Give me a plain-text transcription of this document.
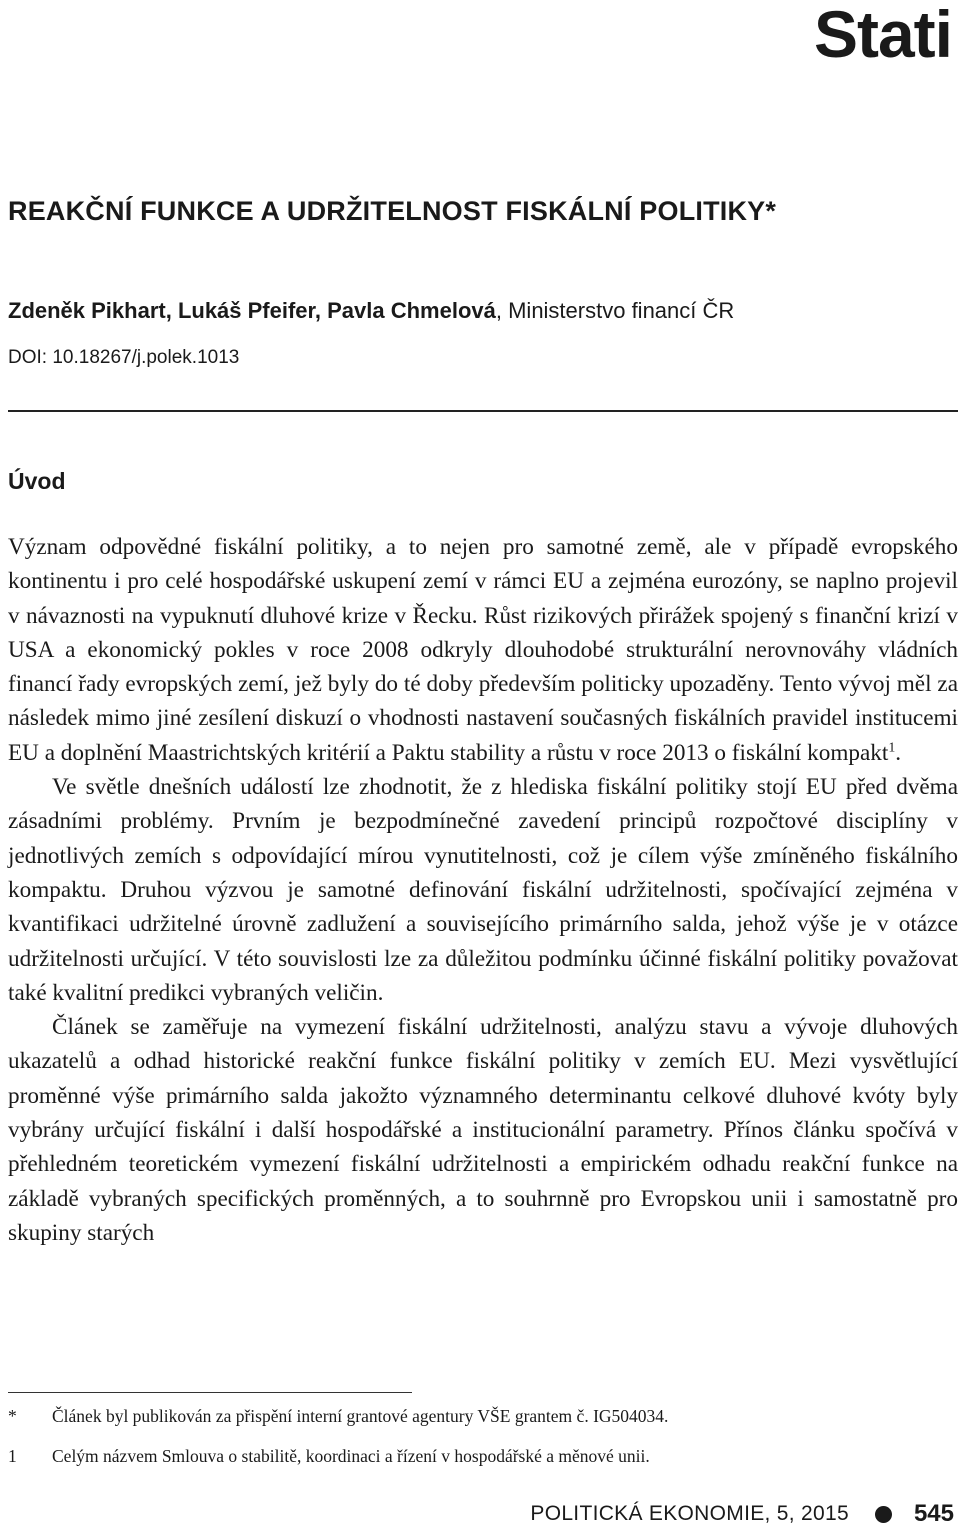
Stati
REAKČNÍ FUNKCE A UDRŽITELNOST FISKÁLNÍ POLITIKY*

Zdeněk Pikhart, Lukáš Pfeifer, Pavla Chmelová, Ministerstvo financí ČR

DOI: 10.18267/j.polek.1013

Úvod

Význam odpovědné fiskální politiky, a to nejen pro samotné země, ale v případě evropského kontinentu i pro celé hospodářské uskupení zemí v rámci EU a zejména eurozóny, se naplno projevil v návaznosti na vypuknutí dluhové krize v Řecku. Růst rizikových přirážek spojený s finanční krizí v USA a ekonomický pokles v roce 2008 odkryly dlouhodobé strukturální nerovnováhy vládních financí řady evropských zemí, jež byly do té doby především politicky upozaděny. Tento vývoj měl za následek mimo jiné zesílení diskuzí o vhodnosti nastavení současných fiskálních pravidel institucemi EU a doplnění Maastrichtských kritérií a Paktu stability a růstu v roce 2013 o fiskální kompakt$^1$.

Ve světle dnešních událostí lze zhodnotit, že z hlediska fiskální politiky stojí EU před dvěma zásadními problémy. Prvním je bezpodmínečné zavedení principů rozpočtové disciplíny v jednotlivých zemích s odpovídající mírou vynutitelnosti, což je cílem výše zmíněného fiskálního kompaktu. Druhou výzvou je samotné definování fiskální udržitelnosti, spočívající zejména v kvantifikaci udržitelné úrovně zadlužení a souvisejícího primárního salda, jehož výše je v otázce udržitelnosti určující. V této souvislosti lze za důležitou podmínku účinné fiskální politiky považovat také kvalitní predikci vybraných veličin.

Článek se zaměřuje na vymezení fiskální udržitelnosti, analýzu stavu a vývoje dluhových ukazatelů a odhad historické reakční funkce fiskální politiky v zemích EU. Mezi vysvětlující proměnné výše primárního salda jakožto významného determinantu celkové dluhové kvóty byly vybrány určující fiskální i další hospodářské a institucionální parametry. Přínos článku spočívá v přehledném teoretickém vymezení fiskální udržitelnosti a empirickém odhadu reakční funkce na základě vybraných specifických proměnných, a to souhrnně pro Evropskou unii i samostatně pro skupiny starých

* Článek byl publikován za přispění interní grantové agentury VŠE grantem č. IG504034.

1 Celým názvem Smlouva o stabilitě, koordinaci a řízení v hospodářské a měnové unii.

POLITICKÁ EKONOMIE, 5, 2015	545
